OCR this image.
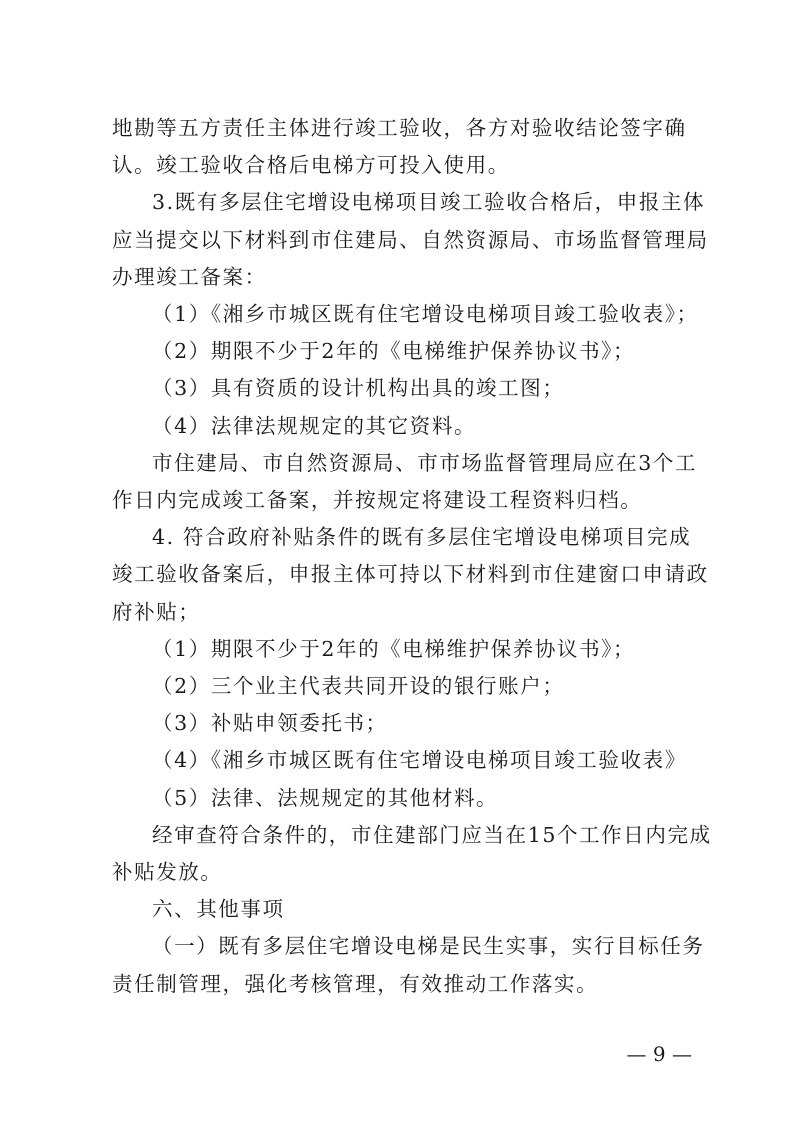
地勘等五方责任主体进行竣工验收，各方对验收结论签字确
认。竣工验收合格后电梯方可投入使用。
3.既有多层住宅增设电梯项目竣工验收合格后，申报主体
应当提交以下材料到市住建局、自然资源局、市场监督管理局
办理竣工备案：
（1）《湘乡市城区既有住宅增设电梯项目竣工验收表》；
（2）期限不少于2年的《电梯维护保养协议书》；
（3）具有资质的设计机构出具的竣工图；
（4）法律法规规定的其它资料。
市住建局、市自然资源局、市市场监督管理局应在3个工
作日内完成竣工备案，并按规定将建设工程资料归档。
4. 符合政府补贴条件的既有多层住宅增设电梯项目完成
竣工验收备案后，申报主体可持以下材料到市住建窗口申请政
府补贴；
（1）期限不少于2年的《电梯维护保养协议书》；
（2）三个业主代表共同开设的银行账户；
（3）补贴申领委托书；
（4）《湘乡市城区既有住宅增设电梯项目竣工验收表》
（5）法律、法规规定的其他材料。
经审查符合条件的，市住建部门应当在15个工作日内完成
补贴发放。
六、其他事项
（一）既有多层住宅增设电梯是民生实事，实行目标任务
责任制管理，强化考核管理，有效推动工作落实。
— 9 —
